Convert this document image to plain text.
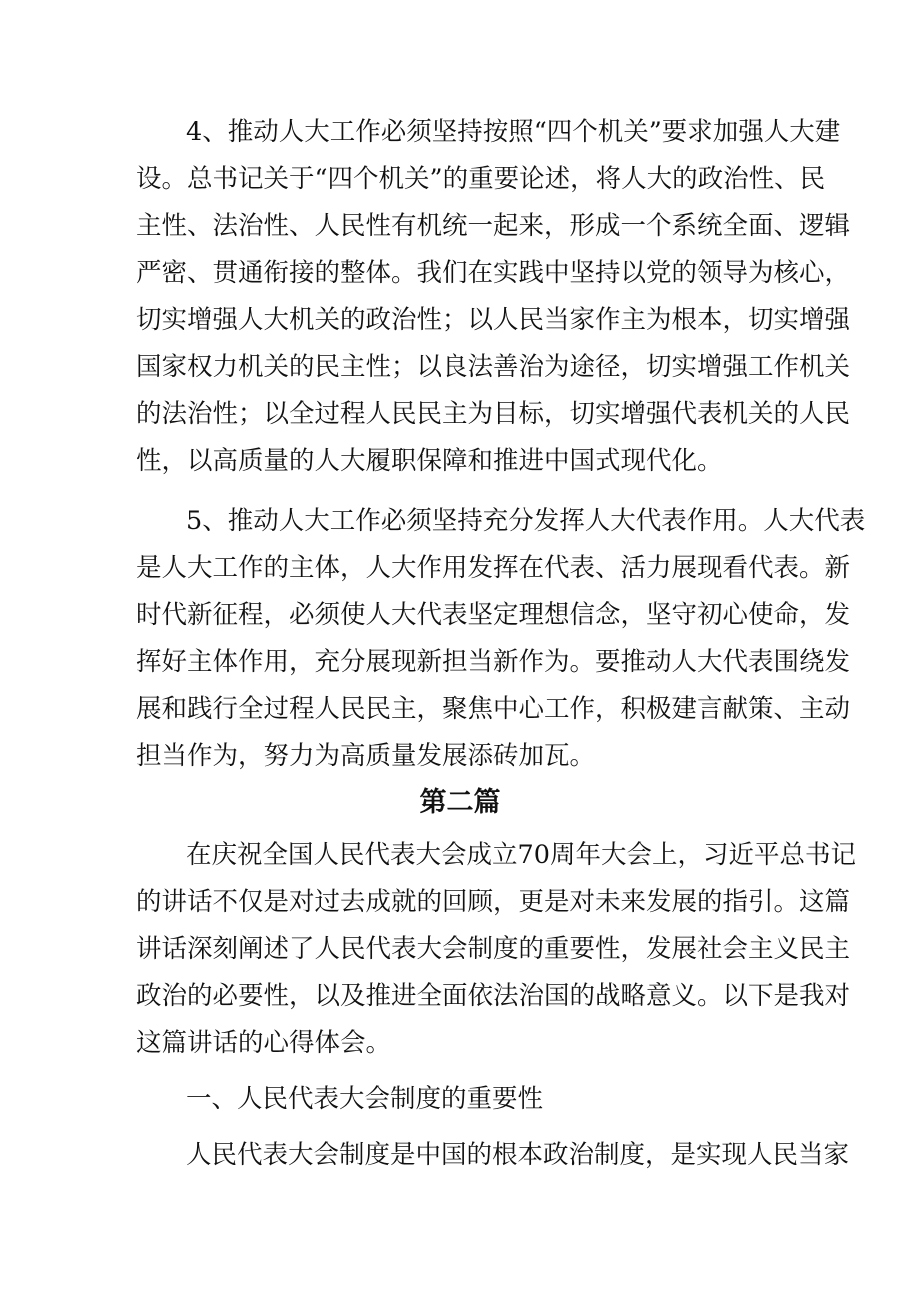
4、推动人大工作必须坚持按照“四个机关”要求加强人大建
设。总书记关于“四个机关”的重要论述，将人大的政治性、民
主性、法治性、人民性有机统一起来，形成一个系统全面、逻辑
严密、贯通衔接的整体。我们在实践中坚持以党的领导为核心，
切实增强人大机关的政治性；以人民当家作主为根本，切实增强
国家权力机关的民主性；以良法善治为途径，切实增强工作机关
的法治性；以全过程人民民主为目标，切实增强代表机关的人民
性，以高质量的人大履职保障和推进中国式现代化。
5、推动人大工作必须坚持充分发挥人大代表作用。人大代表
是人大工作的主体，人大作用发挥在代表、活力展现看代表。新
时代新征程，必须使人大代表坚定理想信念，坚守初心使命，发
挥好主体作用，充分展现新担当新作为。要推动人大代表围绕发
展和践行全过程人民民主，聚焦中心工作，积极建言献策、主动
担当作为，努力为高质量发展添砖加瓦。
第二篇
在庆祝全国人民代表大会成立70周年大会上，习近平总书记
的讲话不仅是对过去成就的回顾，更是对未来发展的指引。这篇
讲话深刻阐述了人民代表大会制度的重要性，发展社会主义民主
政治的必要性，以及推进全面依法治国的战略意义。以下是我对
这篇讲话的心得体会。
一、人民代表大会制度的重要性
人民代表大会制度是中国的根本政治制度，是实现人民当家
